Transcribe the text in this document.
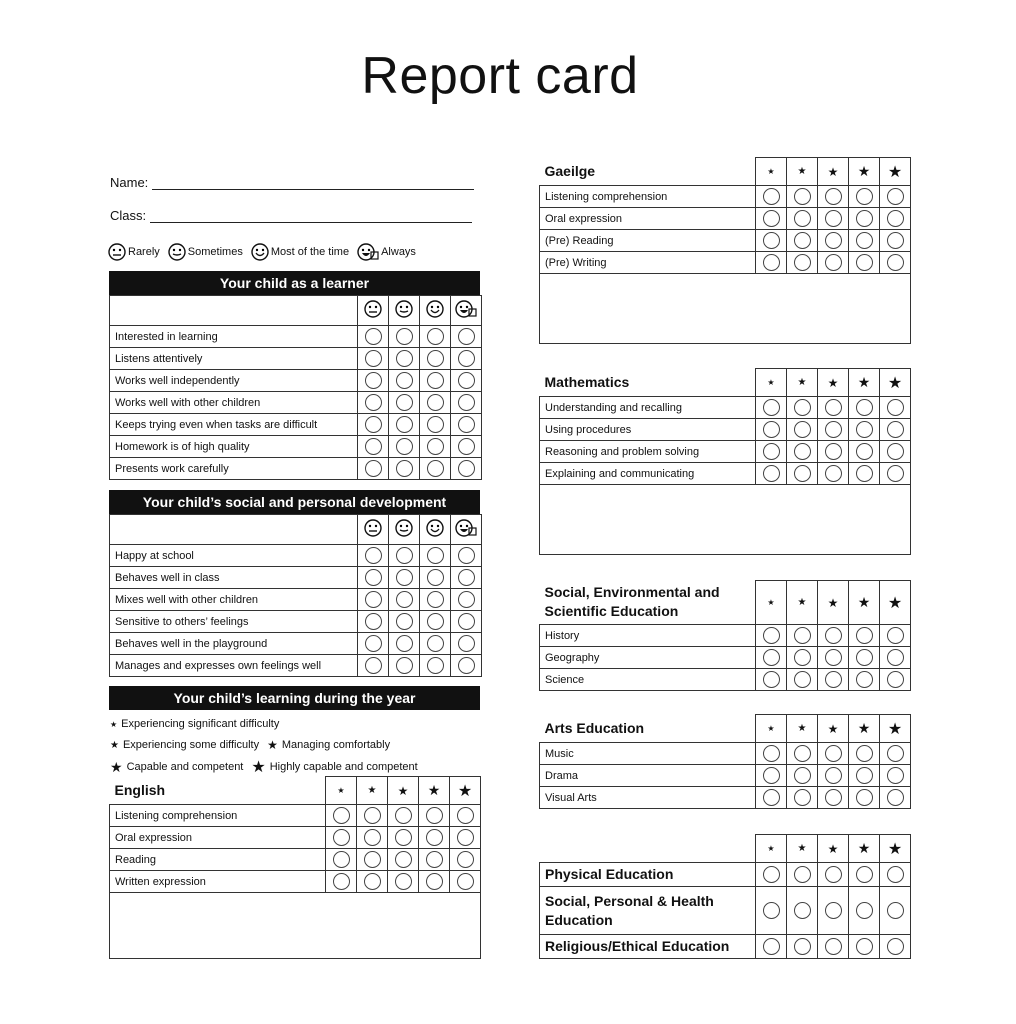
Report card
Name:
Class:
Rarely	Sometimes	Most of the time	Always
Your child as a learner

Interested in learning				
Listens attentively				
Works well independently				
Works well with other children				
Keeps trying even when tasks are difficult				
Homework is of high quality				
Presents work carefully				
Your child’s social and personal development

Happy at school				
Behaves well in class				
Mixes well with other children				
Sensitive to others’ feelings				
Behaves well in the playground				
Manages and expresses own feelings well				
Your child’s learning during the year
★ Experiencing significant difficulty
★ Experiencing some difficulty ★ Managing comfortably
★ Capable and competent ★ Highly capable and competent
English	★	★	★	★	★
Listening comprehension					
Oral expression					
Reading					
Written expression					

Gaeilge	★	★	★	★	★
Listening comprehension					
Oral expression					
(Pre) Reading					
(Pre) Writing					

Mathematics	★	★	★	★	★
Understanding and recalling					
Using procedures					
Reasoning and problem solving					
Explaining and communicating					

Social, Environmental and Scientific Education	★	★	★	★	★
History					
Geography					
Science					
Arts Education	★	★	★	★	★
Music					
Drama					
Visual Arts					
	★	★	★	★	★
Physical Education					
Social, Personal & Health Education					
Religious/Ethical Education					
